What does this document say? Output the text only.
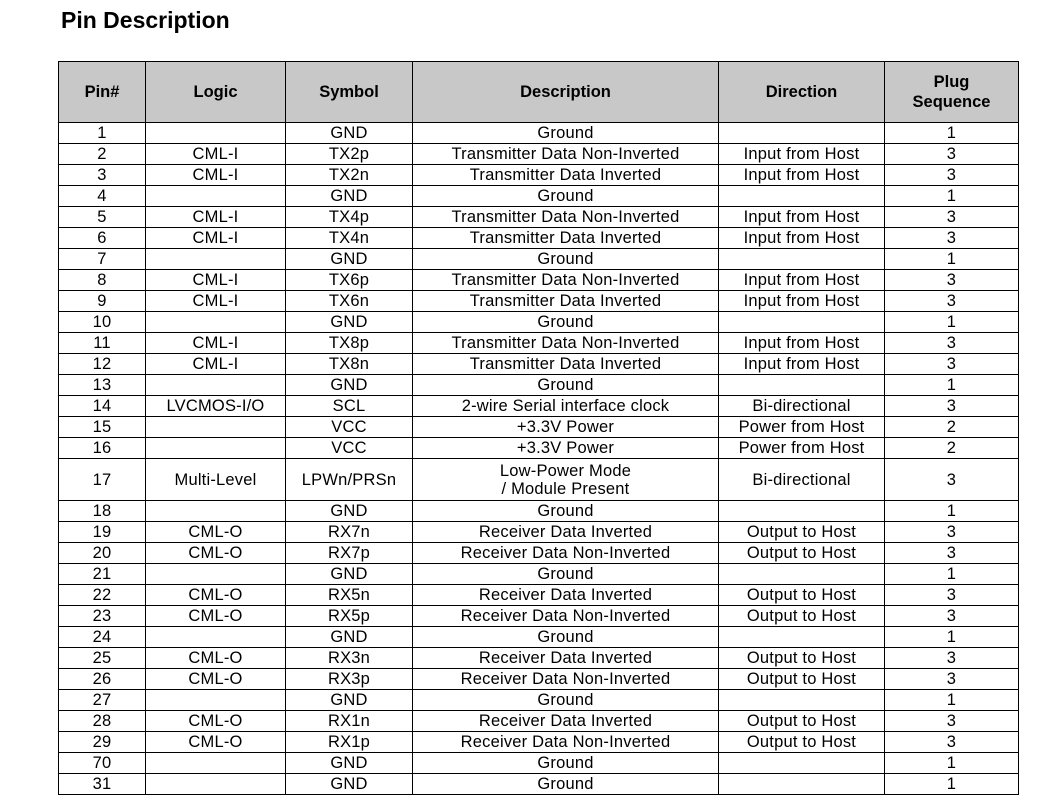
Pin Description
Pin#	Logic	Symbol	Description	Direction	Plug
Sequence

1		GND	Ground		1
2	CML-I	TX2p	Transmitter Data Non-Inverted	Input from Host	3
3	CML-I	TX2n	Transmitter Data Inverted	Input from Host	3
4		GND	Ground		1
5	CML-I	TX4p	Transmitter Data Non-Inverted	Input from Host	3
6	CML-I	TX4n	Transmitter Data Inverted	Input from Host	3
7		GND	Ground		1
8	CML-I	TX6p	Transmitter Data Non-Inverted	Input from Host	3
9	CML-I	TX6n	Transmitter Data Inverted	Input from Host	3
10		GND	Ground		1
11	CML-I	TX8p	Transmitter Data Non-Inverted	Input from Host	3
12	CML-I	TX8n	Transmitter Data Inverted	Input from Host	3
13		GND	Ground		1
14	LVCMOS-I/O	SCL	2-wire Serial interface clock	Bi-directional	3
15		VCC	+3.3V Power	Power from Host	2
16		VCC	+3.3V Power	Power from Host	2
17	Multi-Level	LPWn/PRSn	Low-Power Mode
/ Module Present	Bi-directional	3
18		GND	Ground		1
19	CML-O	RX7n	Receiver Data Inverted	Output to Host	3
20	CML-O	RX7p	Receiver Data Non-Inverted	Output to Host	3
21		GND	Ground		1
22	CML-O	RX5n	Receiver Data Inverted	Output to Host	3
23	CML-O	RX5p	Receiver Data Non-Inverted	Output to Host	3
24		GND	Ground		1
25	CML-O	RX3n	Receiver Data Inverted	Output to Host	3
26	CML-O	RX3p	Receiver Data Non-Inverted	Output to Host	3
27		GND	Ground		1
28	CML-O	RX1n	Receiver Data Inverted	Output to Host	3
29	CML-O	RX1p	Receiver Data Non-Inverted	Output to Host	3
70		GND	Ground		1
31		GND	Ground		1
